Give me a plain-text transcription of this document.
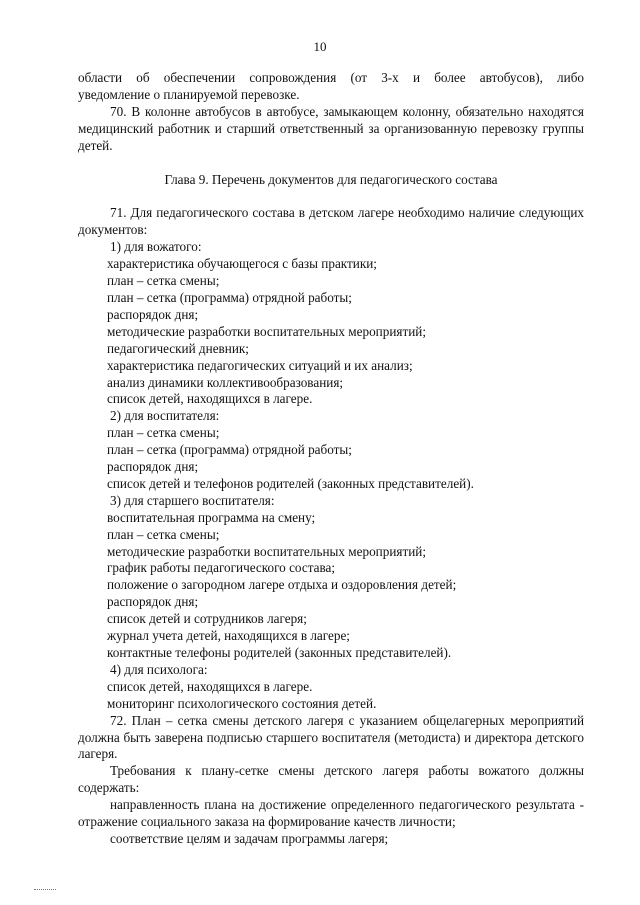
10

области об обеспечении сопровождения (от 3-х и более автобусов), либо

уведомление о планируемой перевозке.

70. В колонне автобусов в автобусе, замыкающем колонну, обязательно находятся медицинский работник и старший ответственный за организованную перевозку группы детей.

Глава 9. Перечень документов для педагогического состава

71. Для педагогического состава в детском лагере необходимо наличие следующих документов:

1) для вожатого:

характеристика обучающегося с базы практики;

план – сетка смены;

план – сетка (программа) отрядной работы;

распорядок дня;

методические разработки воспитательных мероприятий;

педагогический дневник;

характеристика педагогических ситуаций и их анализ;

анализ динамики коллективообразования;

список детей, находящихся в лагере.

2) для воспитателя:

план – сетка смены;

план – сетка (программа) отрядной работы;

распорядок дня;

список детей и телефонов родителей (законных представителей).

3) для старшего воспитателя:

воспитательная программа на смену;

план – сетка смены;

методические разработки воспитательных мероприятий;

график работы педагогического состава;

положение о загородном лагере отдыха и оздоровления детей;

распорядок дня;

список детей и сотрудников лагеря;

журнал учета детей, находящихся в лагере;

контактные телефоны родителей (законных представителей).

4) для психолога:

список детей, находящихся в лагере.

мониторинг психологического состояния детей.

72. План – сетка смены детского лагеря с указанием общелагерных мероприятий должна быть заверена подписью старшего воспитателя (методиста) и директора детского лагеря.

Требования к плану-сетке смены детского лагеря работы вожатого должны содержать:

направленность плана на достижение определенного педагогического результата - отражение социального заказа на формирование качеств личности;

соответствие целям и задачам программы лагеря;
